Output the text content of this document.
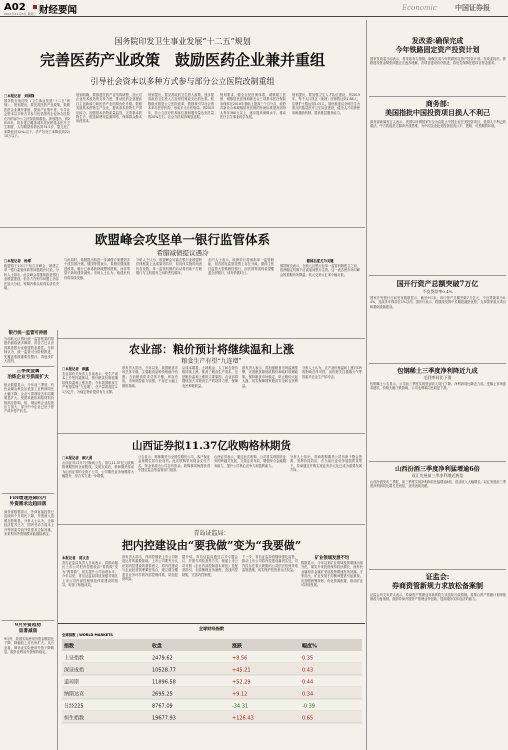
A02 财经要闻
2011年11月8日 星期二
Economic	中国证券报
国务院印发卫生事业发展“十二五”规划
完善医药产业政策　鼓励医药企业兼并重组
引导社会资本以多种方式参与部分公立医院改制重组
□本报记者　刘国锋
国务院日前印发《卫生事业发展“十二五”规划》。规划提出，要完善医药产业政策，鼓励医药企业兼并重组，提高产业集中度；引导社会资本以多种方式参与包括国有企业所办医院在内的部分公立医院改制重组。规划提出，到2015年，初步建立覆盖城乡居民的基本医疗卫生制度，人均期望寿命达到74.5岁，婴儿死亡率降低到12‰以下，孕产妇死亡率降低到22/10万以下。
规划明确，要推进医药产业结构调整，加大对企业技术改造的支持力度，推动医药企业提高自主创新能力和医药产业结构优化升级。鼓励发展基本药物生产企业，提高基本药物生产供应能力。加强基本药物质量监管，完善基本药物生产、配送和使用监测网络，保障群众基本用药需求。
规划提出，要完善政府卫生投入政策，逐步提高政府卫生投入占经常性财政支出的比重。积极稳妥推进公立医院改革，鼓励和引导社会资本举办医疗机构，形成多元办医格局。到2015年，非公立医疗机构床位数和服务量达到总量的20%左右，社会办医取得明显进展。
规划要求，健全全民医保体系，城镇职工医保、城镇居民医保和新农合三项基本医疗保险参保率在2010年基础上提高三个百分点，政府对新农合和城镇居民医保的补助标准提高到每人每年360元以上，逐步提高保障水平，推动医疗卫生事业科学发展。
规划提出，要加强卫生人才队伍建设，到2015年，每千人口执业（助理）医师数达到1.88人，注册护士数达到2.07人。加快推进以全科医生为重点的基层医疗卫生队伍建设，健全人才培养使用和激励机制，提高基层服务能力。
欧盟峰会攻坚单一银行监管体系
希腊减债提议遇冷
□本报记者　杨博
欧盟将于10月下旬召开峰会，就建立单一银行监管体系等问题展开讨论。分析人士指出，此次峰会将继续推进银行业联盟建设，但各方在细节问题上仍存在较大分歧，短期内难以取得实质性突破。
与此同时，希腊提出的进一步减债方案遭到多个成员国冷遇。德国等国表示，希腊应继续推进改革，履行已承诺的财政整顿措施，而非寄望于新的债务减免。市场人士认为，欧债危机仍将持续发酵。
分析人士认为，欧盟峰会可能在银行业联盟的法律框架上达成原则共识，但具体实施时间表仍存变数。单一监管机制的启动将有助于打破银行与主权债务之间的恶性循环。
业内人士表示，欧洲央行将承担单一监管职能，但各国在监管范围上存在分歧，德国主张仅监管大型系统性银行，而法国等国则希望覆盖全部银行，谈判仍需时日。
德国态度尤为关键
德国财长表示，在欧元区银行业单一监管机制建立之前，欧洲稳定机制不应直接向银行注资。这一表态使市场对峰会的预期有所降温，欧元兑美元汇率小幅走低。
银行统一监管可伸展
当前欧元区银行统一监管框架的搭建仍面临诸多障碍，但各方已认识到推进银行业联盟的必要性。分析师认为，统一监管可分阶段推进，先覆盖系统重要性银行，再逐步扩大范围。
三季度金属
冶炼企业亏损面扩大
统计数据显示，今年前三季度，有色金属冶炼及压延加工业利润同比大幅下降，企业亏损面较去年同期明显扩大。受需求疲软和原材料价格高企影响，铝、铜冶炼企业经营压力加大，部分中小企业已处于停产或半停产状态。
FDI增速连降四月
外资需求边趋回落
商务部数据显示，外商直接投资已连续四个月同比下降，外资流入放缓态势明显。分析人士认为，全球经济复苏乏力、国内劳动力成本上升等因素导致外资需求边际回落，未来利用外资规模可能继续承压。
9月外资趋势
显著减弱
9月份，我国实际使用外资金额同比下降，降幅较上月有所扩大。从行业看，制造业实际使用外资下降明显，服务业利用外资保持稳定。
农业部：粮价预计将继续温和上涨
粮食生产有望“九连增”
□本报记者　顾鑫
农业部有关负责人日前表示，受生产成本上升等因素推动，预计粮食价格将继续保持温和上涨态势。今年我国粮食生产有望实现“九连增”，总产量将超过1.1万亿斤，为稳定物价提供有力支撑。
该负责人指出，今年以来，我国粮食市场总体平稳，主要粮食品种价格稳中有涨。当前粮食供求总体平衡，库存充裕，市场调控能力较强，不存在大幅上涨的基础。
从成本端看，土地租金、人工和农资价格持续上涨，推高了粮食生产成本，这是粮价温和上涨的主要原因。农业部将继续加大对粮食生产的扶持力度，保障农民种粮收益。
该负责人表示，将加强粮食市场监测预警，完善粮食最低收购价和临时收储政策，保持粮食市场稳定，防止粮价大起大落，切实保障国家粮食安全和农民利益。
分析人士认为，农产品价格温和上涨对CPI的影响总体可控，但仍需关注极端天气等因素对农业生产的冲击。
山西证券拟11.37亿收购格林期货
□本报记者　顾大勇
山西证券11月7日晚间公告，拟以11.37亿元收购格林期货的全部股权。交易完成后，格林期货将成为山西证券的全资子公司，公司期货业务规模将大幅提升，综合实力进一步增强。
公告显示，格林期货为全国性期货公司，客户保证金规模位居行业前列。此次收购采用现金支付方式，资金来源为公司自有资金。收购事项尚需获得中国证监会等监管部门批准。
山西证券表示，通过此次收购，公司将实现期货业务的跨越式发展，完善业务布局，增强综合金融服务能力，提升公司核心竞争力和盈利能力。
分析人士指出，券商收购期货公司有助于整合资源、发挥协同效应，在当前行业竞争加剧的背景下，券商通过并购实现业务多元化已成为重要发展方向。
青岛证监局：
把内控建设由“要我做”变为“我要做”
本报记者　郭文杰
青岛证监局负责人日前表示，将推动辖区上市公司把内控建设由“要我做”变为“我要做”，切实提升公司治理水平。今年以来，青岛证监局持续加强对辖区上市公司内部控制规范体系建设的督导，取得了积极成效。
该负责人指出，内部控制是上市公司规范运作的重要基础，上市公司要充分认识到内控建设的重要意义，将内控建设与企业经营管理紧密结合，建立健全覆盖各业务环节的内部控制体系，防范经营风险。
据介绍，青岛证监局通过召开专题会议、开展专项检查等方式，督促上市公司对照《企业内部控制基本规范》及配套指引，全面梳理业务流程，查找内控缺陷，完善内控制度。
下一步，青岛证监局将继续强化监管，推动上市公司将内控建设落到实处，对内控存在重大缺陷的公司依法依规采取监管措施，切实保护投资者合法权益。
矿业领域发展不均
数据显示，今年以来矿业领域投资增速出现分化，煤炭开采投资保持较快增长，而有色金属和非金属矿采选投资增速有所回落。专家指出，矿业发展不均衡问题需引起重视，应加强统筹规划，优化资源配置，推动矿业可持续发展。
全球财经指数
全球指数 | WORLD MARKETS
指数	收盘	涨跌	幅度%
上证指数	2479.62	+8.56	0.35
深证成指	10528.77	+45.21	0.43
道琼斯	11896.58	+52.29	0.44
纳斯达克	2695.25	+9.12	0.34
日经225	8767.09	-34.31	-0.39
恒生指数	19677.93	+126.43	0.65
发改委:确保完成
今年铁路固定资产投资计划
国家发改委日前表示，将采取有力措施，确保完成今年铁路固定资产投资计划。发改委指出，铁路建设资金紧张问题正在逐步缓解，各项目建设有序推进，将优先保障在建项目资金需求。
商务部:
美国指批中国投资项目损人不利己
商务部新闻发言人表示，美国以所谓国家安全为由阻止中国企业在美投资项目，是损人不利己的做法。中方敦促美方摒弃冷战思维，为中国企业赴美投资创造公平、透明、可预期的环境。
国开行资产总额突破7万亿
不良贷款率0.4%
国家开发银行日前发布数据显示，截至9月末，该行资产总额突破7万亿元，不良贷款率为0.4%，连续多年保持在1%以内。国开行表示，将继续发挥中长期投融资优势，支持国家重点项目和基础设施建设。
包钢稀土三季度净利降近九成
毛利率同比下滑
包钢稀土公告显示，公司前三季度实现营业收入同比下降，净利润同比降近九成。受稀土市场需求疲软、价格大幅下跌影响，公司毛利率同比明显下滑。
山西汾酒三季度净利猛增逾6倍
双汇发展前三季净利增近两倍
山西汾酒发布三季报，前三季度实现净利润同比猛增逾6倍，营业收入大幅增长。双汇发展前三季度净利润同比增长近两倍，业绩表现亮眼。
证监会:
券商资管新规力求放松备案制
证监会有关负责人表示，券商资产管理业务新规将力求放松行政管制，将集合资产管理计划审批制改为备案制，鼓励券商开展资产管理业务创新，提高服务实体经济的能力。
